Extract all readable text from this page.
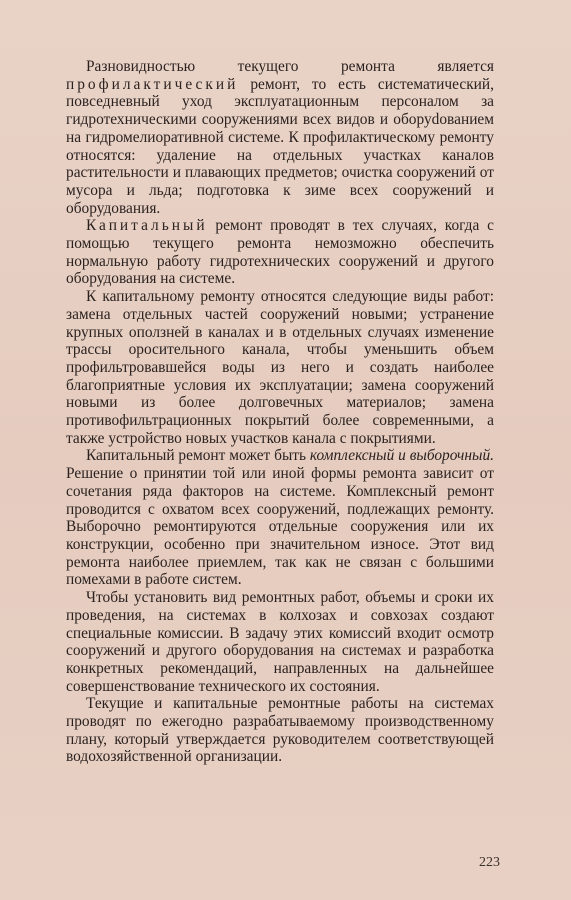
Разновидностью текущего ремонта является профилактический ремонт, то есть систематический, повседневный уход эксплуатационным персоналом за гидротехническими сооружениями всех видов и оборуdованием на гидромелиоративной системе. К профилактическому ремонту относятся: удаление на отдельных участках каналов растительности и плавающих предметов; очистка сооружений от мусора и льда; подготовка к зиме всех сооружений и оборудования.

Капитальный ремонт проводят в тех случаях, когда с помощью текущего ремонта немозможно обеспечить нормальную работу гидротехнических сооружений и другого оборудования на системе.

К капитальному ремонту относятся следующие виды работ: замена отдельных частей сооружений новыми; устранение крупных оползней в каналах и в отдельных случаях изменение трассы оросительного канала, чтобы уменьшить объем профильтровавшейся воды из него и создать наиболее благоприятные условия их эксплуатации; замена сооружений новыми из более долговечных материалов; замена противофильтрационных покрытий более современными, а также устройство новых участков канала с покрытиями.

Капитальный ремонт может быть комплексный и выборочный. Решение о принятии той или иной формы ремонта зависит от сочетания ряда факторов на системе. Комплексный ремонт проводится с охватом всех сооружений, подлежащих ремонту. Выборочно ремонтируются отдельные сооружения или их конструкции, особенно при значительном износе. Этот вид ремонта наиболее приемлем, так как не связан с большими помехами в работе систем.

Чтобы установить вид ремонтных работ, объемы и сроки их проведения, на системах в колхозах и совхозах создают специальные комиссии. В задачу этих комиссий входит осмотр сооружений и другого оборудования на системах и разработка конкретных рекомендаций, направленных на дальнейшее совершенствование технического их состояния.

Текущие и капитальные ремонтные работы на системах проводят по ежегодно разрабатываемому производственному плану, который утверждается руководителем соответствующей водохозяйственной организации.

223
